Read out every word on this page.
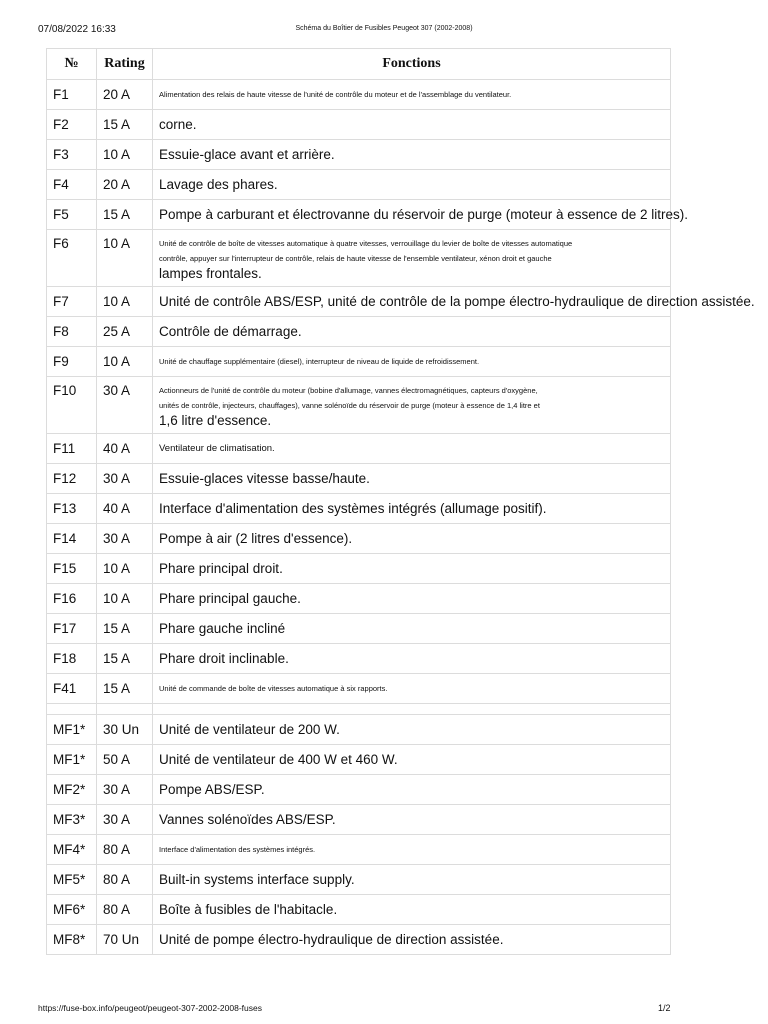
07/08/2022 16:33	Schéma du Boîtier de Fusibles Peugeot 307 (2002-2008)
№	Rating	Fonctions
F1	20 A	Alimentation des relais de haute vitesse de l'unité de contrôle du moteur et de l'assemblage du ventilateur.
F2	15 A	corne.
F3	10 A	Essuie-glace avant et arrière.
F4	20 A	Lavage des phares.
F5	15 A	Pompe à carburant et électrovanne du réservoir de purge (moteur à essence de 2 litres).
F6	10 A	Unité de contrôle de boîte de vitesses automatique à quatre vitesses, verrouillage du levier de boîte de vitesses automatique
contrôle, appuyer sur l'interrupteur de contrôle, relais de haute vitesse de l'ensemble ventilateur, xénon droit et gauche
lampes frontales.

F7	10 A	Unité de contrôle ABS/ESP, unité de contrôle de la pompe électro-hydraulique de direction assistée.
F8	25 A	Contrôle de démarrage.
F9	10 A	Unité de chauffage supplémentaire (diesel), interrupteur de niveau de liquide de refroidissement.
F10	30 A	Actionneurs de l'unité de contrôle du moteur (bobine d'allumage, vannes électromagnétiques, capteurs d'oxygène,
unités de contrôle, injecteurs, chauffages), vanne solénoïde du réservoir de purge (moteur à essence de 1,4 litre et
1,6 litre d'essence.

F11	40 A	Ventilateur de climatisation.
F12	30 A	Essuie-glaces vitesse basse/haute.
F13	40 A	Interface d'alimentation des systèmes intégrés (allumage positif).
F14	30 A	Pompe à air (2 litres d'essence).
F15	10 A	Phare principal droit.
F16	10 A	Phare principal gauche.
F17	15 A	Phare gauche incliné
F18	15 A	Phare droit inclinable.
F41	15 A	Unité de commande de boîte de vitesses automatique à six rapports.

MF1*	30 Un	Unité de ventilateur de 200 W.
MF1*	50 A	Unité de ventilateur de 400 W et 460 W.
MF2*	30 A	Pompe ABS/ESP.
MF3*	30 A	Vannes solénoïdes ABS/ESP.
MF4*	80 A	Interface d'alimentation des systèmes intégrés.
MF5*	80 A	Built-in systems interface supply.
MF6*	80 A	Boîte à fusibles de l'habitacle.
MF8*	70 Un	Unité de pompe électro-hydraulique de direction assistée.
https://fuse-box.info/peugeot/peugeot-307-2002-2008-fuses	1/2
